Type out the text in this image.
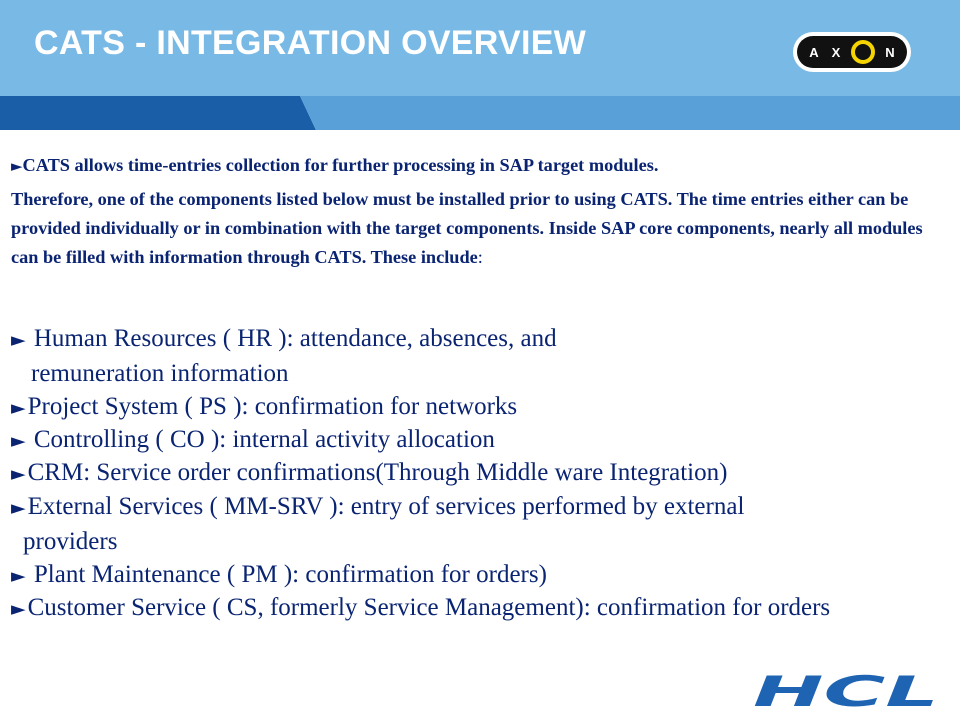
CATS - INTEGRATION OVERVIEW	A X	N
►CATS allows time-entries collection for further processing in SAP target modules.
Therefore, one of the components listed below must be installed prior to using CATS. The time entries either can be provided individually or in combination with the target components. Inside SAP core components, nearly all modules can be filled with information through CATS. These include:
► Human Resources ( HR ): attendance, absences, and
remuneration information
►Project System ( PS ): confirmation for networks
► Controlling ( CO ): internal activity allocation
►CRM: Service order confirmations(Through Middle ware Integration)
►External Services ( MM-SRV ): entry of services performed by external
providers
► Plant Maintenance ( PM ): confirmation for orders)
►Customer Service ( CS, formerly Service Management): confirmation for orders
HCL
